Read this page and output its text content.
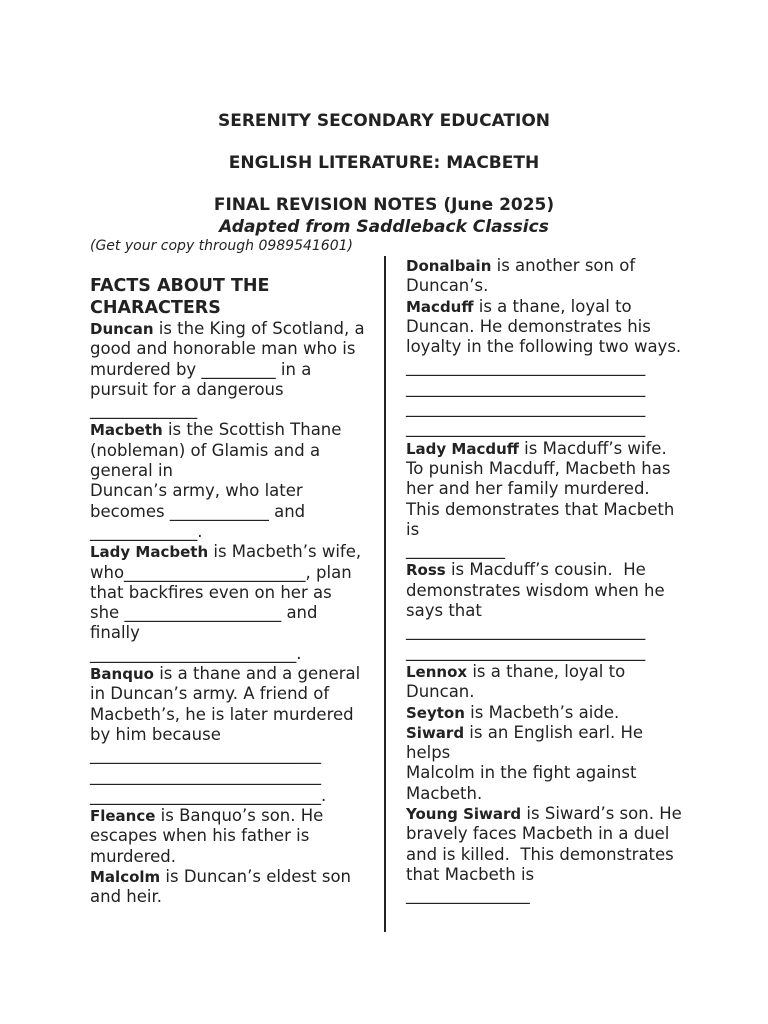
SERENITY SECONDARY EDUCATION

ENGLISH LITERATURE: MACBETH

FINAL REVISION NOTES (June 2025)

Adapted from Saddleback Classics

(Get your copy through 0989541601)

FACTS ABOUT THE CHARACTERS

Duncan is the King of Scotland, a good and honorable man who is murdered by _________ in a pursuit for a dangerous
_____________

Macbeth is the Scottish Thane (nobleman) of Glamis and a general in
Duncan’s army, who later becomes ____________ and _____________.

Lady Macbeth is Macbeth’s wife,
who______________________, plan that backfires even on her as she ___________________ and finally
_________________________.

Banquo is a thane and a general in Duncan’s army. A friend of Macbeth’s, he is later murdered by him because
____________________________
____________________________
____________________________.

Fleance is Banquo’s son. He escapes when his father is murdered.

Malcolm is Duncan’s eldest son and heir.

Donalbain is another son of Duncan’s.

Macduff is a thane, loyal to Duncan. He demonstrates his loyalty in the following two ways.
_____________________________
_____________________________
_____________________________
_____________________________

Lady Macduff is Macduff’s wife. To punish Macduff, Macbeth has her and her family murdered. This demonstrates that Macbeth is
____________

Ross is Macduff’s cousin.  He demonstrates wisdom when he says that
_____________________________
_____________________________

Lennox is a thane, loyal to Duncan.

Seyton is Macbeth’s aide.

Siward is an English earl. He helps
Malcolm in the fight against Macbeth.

Young Siward is Siward’s son. He bravely faces Macbeth in a duel and is killed.  This demonstrates that Macbeth is
_______________
